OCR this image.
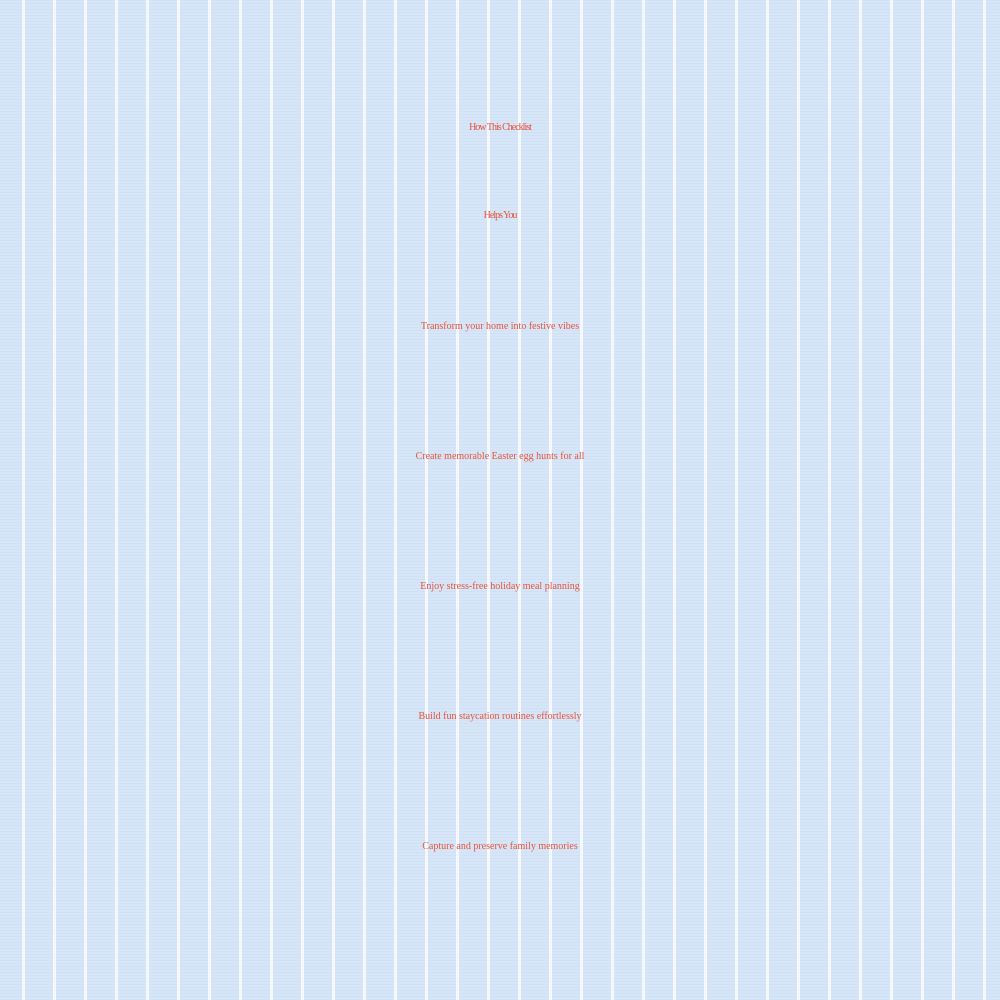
How This Checklist
Helps You
Transform your home into festive vibes
Create memorable Easter egg hunts for all
Enjoy stress-free holiday meal planning
Build fun staycation routines effortlessly
Capture and preserve family memories
